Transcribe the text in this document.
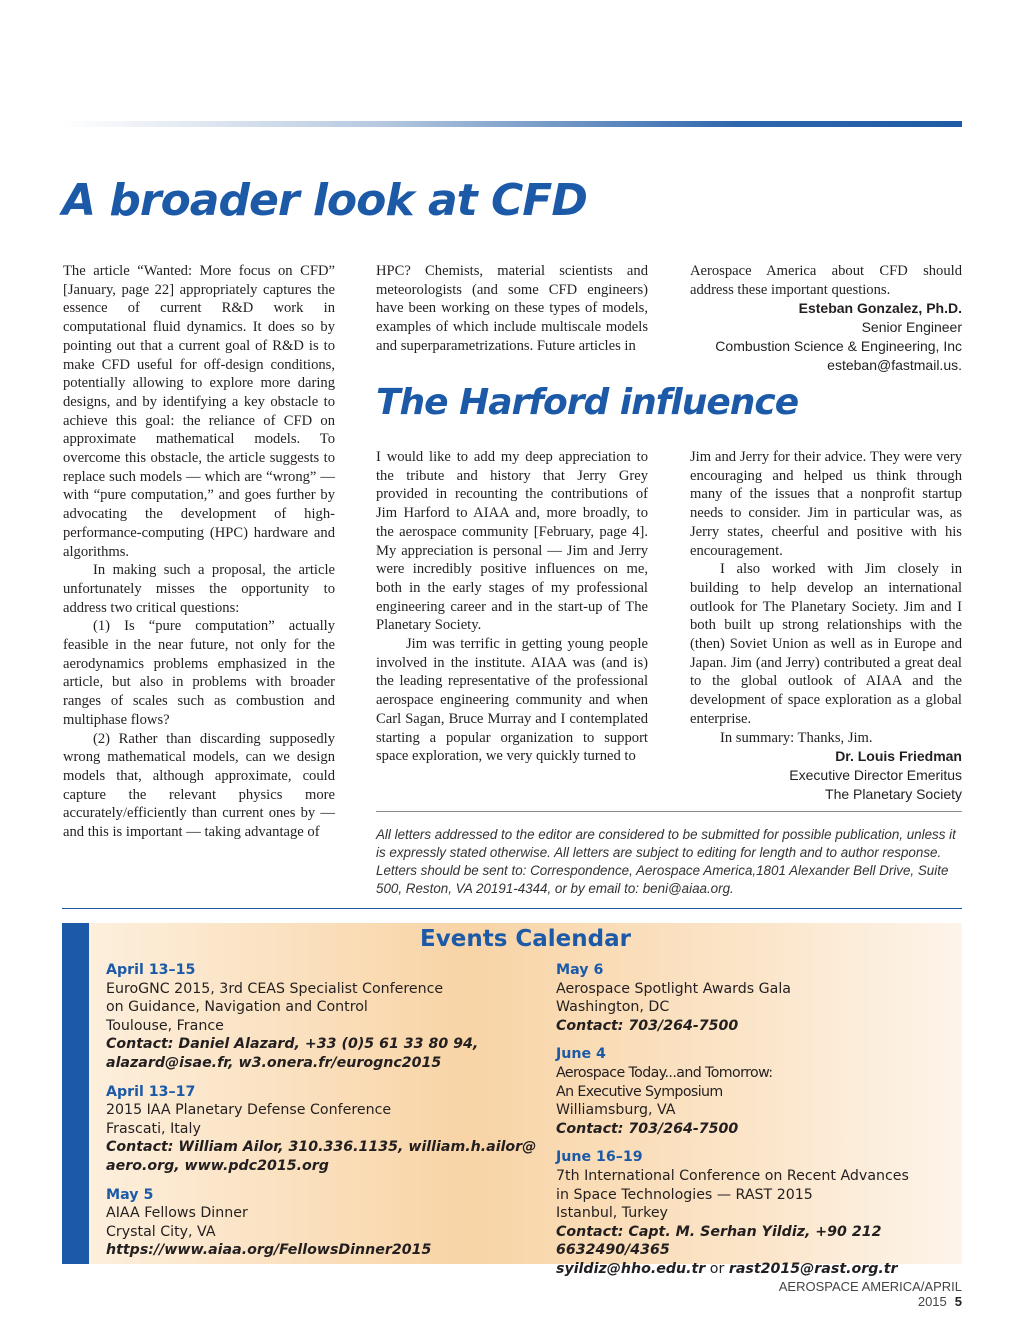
A broader look at CFD

The article “Wanted: More focus on CFD” [January, page 22] appropriately captures the essence of current R&D work in computational fluid dynamics. It does so by pointing out that a current goal of R&D is to make CFD useful for off-design conditions, potentially allowing to explore more daring designs, and by identifying a key obstacle to achieve this goal: the reliance of CFD on approximate mathematical models. To overcome this obstacle, the article suggests to replace such models — which are “wrong” — with “pure computation,” and goes further by advocating the development of high-performance-computing (HPC) hardware and algorithms.

In making such a proposal, the article unfortunately misses the opportunity to address two critical questions:

(1) Is “pure computation” actually feasible in the near future, not only for the aerodynamics problems emphasized in the article, but also in problems with broader ranges of scales such as combustion and multiphase flows?

(2) Rather than discarding supposedly wrong mathematical models, can we design models that, although approximate, could capture the relevant physics more accurately/efficiently than current ones by — and this is important — taking advantage of

HPC? Chemists, material scientists and meteorologists (and some CFD engineers) have been working on these types of models, examples of which include multiscale models and superparametrizations. Future articles in

Aerospace America about CFD should address these important questions.

Esteban Gonzalez, Ph.D.
Senior Engineer
Combustion Science & Engineering, Inc
esteban@fastmail.us.
The Harford influence

I would like to add my deep appreciation to the tribute and history that Jerry Grey provided in recounting the contributions of Jim Harford to AIAA and, more broadly, to the aerospace community [February, page 4]. My appreciation is personal — Jim and Jerry were incredibly positive influences on me, both in the early stages of my professional engineering career and in the start-up of The Planetary Society.

Jim was terrific in getting young people involved in the institute. AIAA was (and is) the leading representative of the professional aerospace engineering community and when Carl Sagan, Bruce Murray and I contemplated starting a popular organization to support space exploration, we very quickly turned to

Jim and Jerry for their advice. They were very encouraging and helped us think through many of the issues that a nonprofit startup needs to consider. Jim in particular was, as Jerry states, cheerful and positive with his encouragement.

I also worked with Jim closely in building to help develop an international outlook for The Planetary Society. Jim and I both built up strong relationships with the (then) Soviet Union as well as in Europe and Japan. Jim (and Jerry) contributed a great deal to the global outlook of AIAA and the development of space exploration as a global enterprise.

In summary: Thanks, Jim.

Dr. Louis Friedman
Executive Director Emeritus
The Planetary Society
All letters addressed to the editor are considered to be submitted for possible publication, unless it is expressly stated otherwise. All letters are subject to editing for length and to author response. Letters should be sent to: Correspondence, Aerospace America,1801 Alexander Bell Drive, Suite 500, Reston, VA 20191-4344, or by email to: beni@aiaa.org.
Events Calendar
April 13–15
EuroGNC 2015, 3rd CEAS Specialist Conference
on Guidance, Navigation and Control
Toulouse, France
Contact: Daniel Alazard, +33 (0)5 61 33 80 94,
alazard@isae.fr, w3.onera.fr/eurognc2015
April 13–17
2015 IAA Planetary Defense Conference
Frascati, Italy
Contact: William Ailor, 310.336.1135, william.h.ailor@
aero.org, www.pdc2015.org
May 5
AIAA Fellows Dinner
Crystal City, VA
https://www.aiaa.org/FellowsDinner2015
May 6
Aerospace Spotlight Awards Gala
Washington, DC
Contact: 703/264-7500
June 4
Aerospace Today...and Tomorrow:
An Executive Symposium
Williamsburg, VA
Contact: 703/264-7500
June 16–19
7th International Conference on Recent Advances
in Space Technologies — RAST 2015
Istanbul, Turkey
Contact: Capt. M. Serhan Yildiz, +90 212 6632490/4365
syildiz@hho.edu.tr or rast2015@rast.org.tr
AEROSPACE AMERICA/APRIL 2015 5
